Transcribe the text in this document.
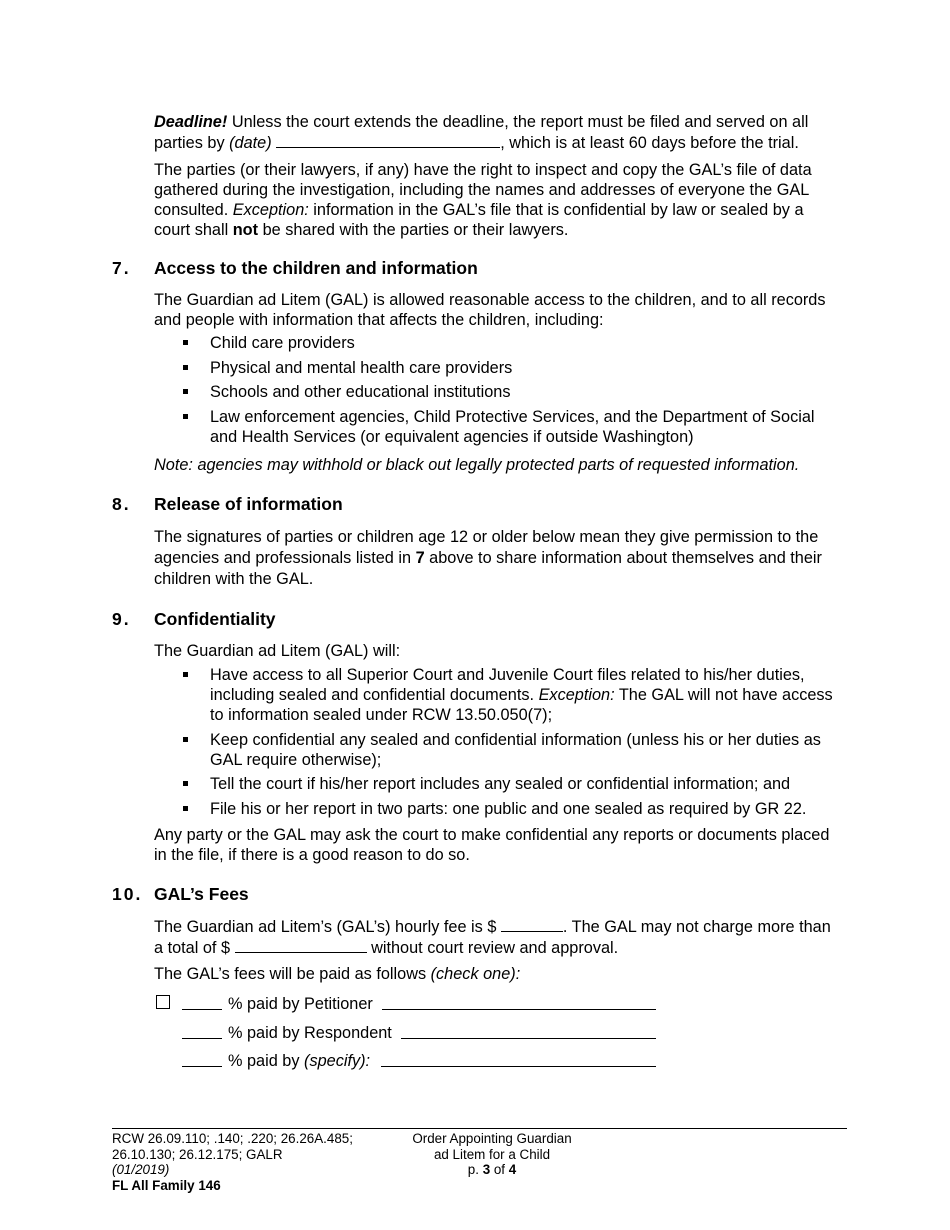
Deadline! Unless the court extends the deadline, the report must be filed and served on all parties by (date)	, which is at least 60 days before the trial.

The parties (or their lawyers, if any) have the right to inspect and copy the GAL’s file of data gathered during the investigation, including the names and addresses of everyone the GAL consulted. Exception: information in the GAL’s file that is confidential by law or sealed by a court shall not be shared with the parties or their lawyers.

7. Access to the children and information
The Guardian ad Litem (GAL) is allowed reasonable access to the children, and to all records and people with information that affects the children, including:
Child care providers
Physical and mental health care providers
Schools and other educational institutions
Law enforcement agencies, Child Protective Services, and the Department of Social and Health Services (or equivalent agencies if outside Washington)
Note: agencies may withhold or black out legally protected parts of requested information.
8. Release of information

The signatures of parties or children age 12 or older below mean they give permission to the agencies and professionals listed in 7 above to share information about themselves and their children with the GAL.

9. Confidentiality
The Guardian ad Litem (GAL) will:
Have access to all Superior Court and Juvenile Court files related to his/her duties, including sealed and confidential documents. Exception: The GAL will not have access to information sealed under RCW 13.50.050(7);
Keep confidential any sealed and confidential information (unless his or her duties as GAL require otherwise);
Tell the court if his/her report includes any sealed or confidential information; and
File his or her report in two parts: one public and one sealed as required by GR 22.
Any party or the GAL may ask the court to make confidential any reports or documents placed in the file, if there is a good reason to do so.
10. GAL’s Fees

The Guardian ad Litem’s (GAL’s) hourly fee is $	. The GAL may not charge more than a total of $	without court review and approval.

The GAL’s fees will be paid as follows (check one):
% paid by Petitioner
% paid by Respondent
% paid by (specify):
RCW 26.09.110; .140; .220; 26.26A.485;
26.10.130; 26.12.175; GALR
(01/2019)
FL All Family 146
Order Appointing Guardian
ad Litem for a Child
p. 3 of 4
